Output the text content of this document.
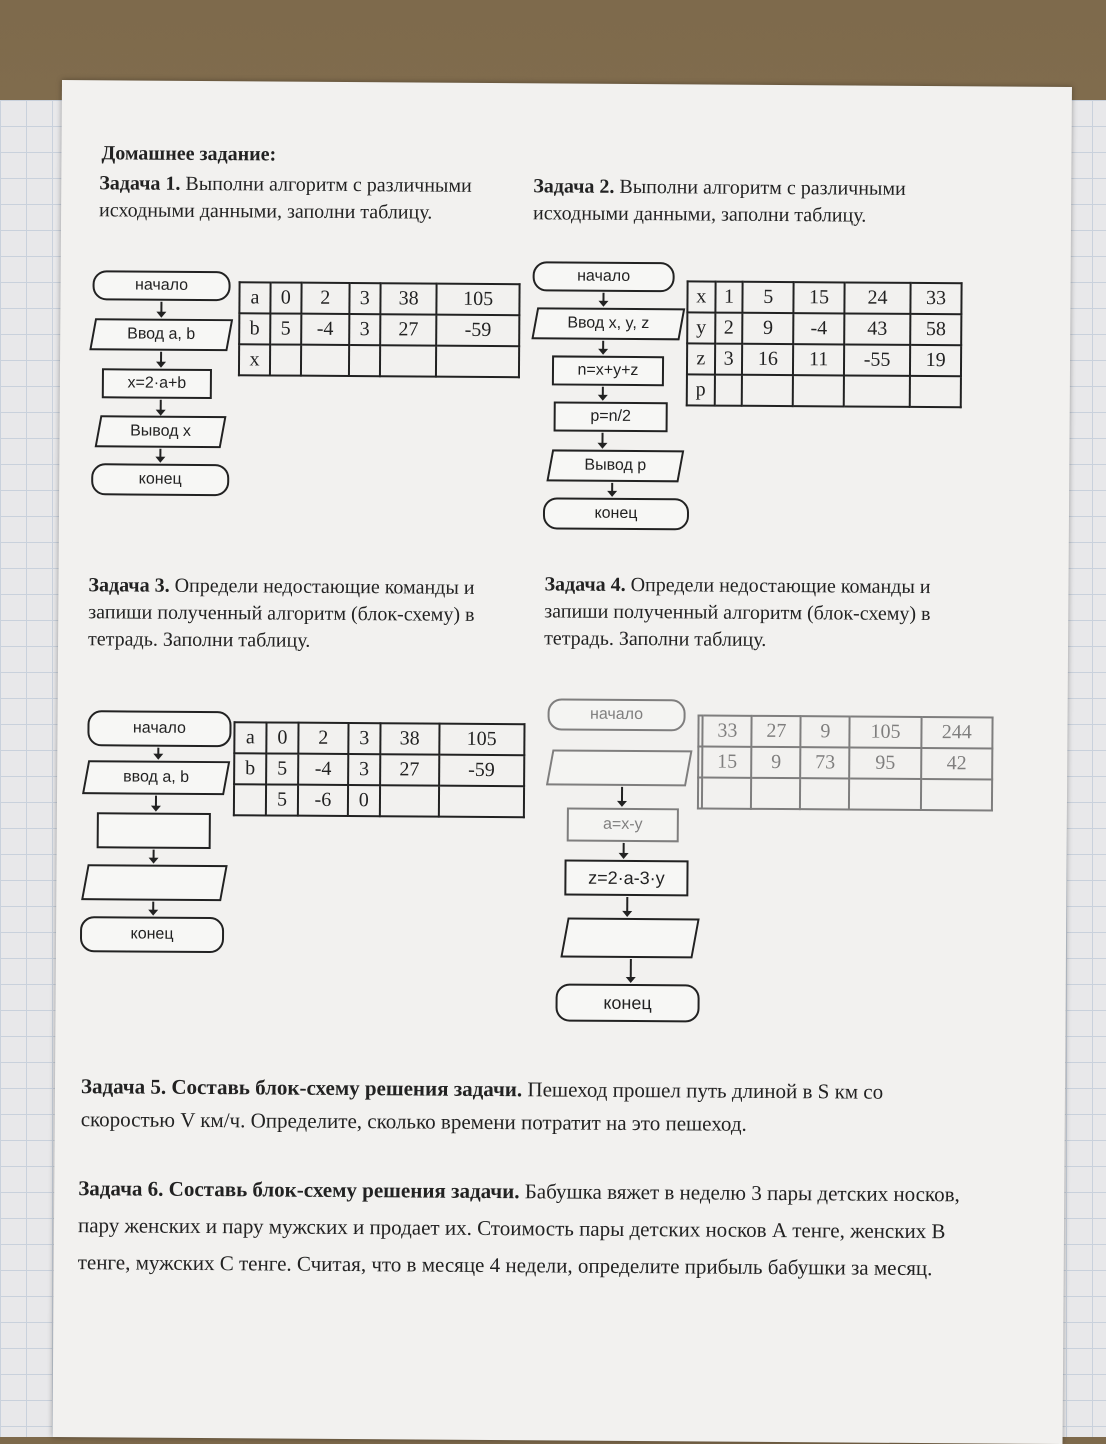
Домашнее задание:
Задача 1. Выполни алгоритм с различными исходными данными, заполни таблицу.
начало
Ввод a, b
x=2·a+b
Вывод x
конец
a	0	2	3	38	105
b	5	-4	3	27	-59
x					
Задача 2. Выполни алгоритм с различными исходными данными, заполни таблицу.
начало
Ввод x, y, z
n=x+y+z
p=n/2
Вывод p
конец
x	1	5	15	24	33
y	2	9	-4	43	58
z	3	16	11	-55	19
p					
Задача 3. Определи недостающие команды и запиши полученный алгоритм (блок-схему) в тетрадь. Заполни таблицу.
начало
ввод a, b
конец
a	0	2	3	38	105
b	5	-4	3	27	-59
	5	-6	0		
Задача 4. Определи недостающие команды и запиши полученный алгоритм (блок-схему) в тетрадь. Заполни таблицу.
начало
a=x-y
z=2·a-3·y
конец
	33	27	9	105	244
	15	9	73	95	42

Задача 5. Составь блок-схему решения задачи. Пешеход прошел путь длиной в S км со скоростью V км/ч. Определите, сколько времени потратит на это пешеход.
Задача 6. Составь блок-схему решения задачи. Бабушка вяжет в неделю 3 пары детских носков, пару женских и пару мужских и продает их. Стоимость пары детских носков А тенге, женских В тенге, мужских С тенге. Считая, что в месяце 4 недели, определите прибыль бабушки за месяц.
